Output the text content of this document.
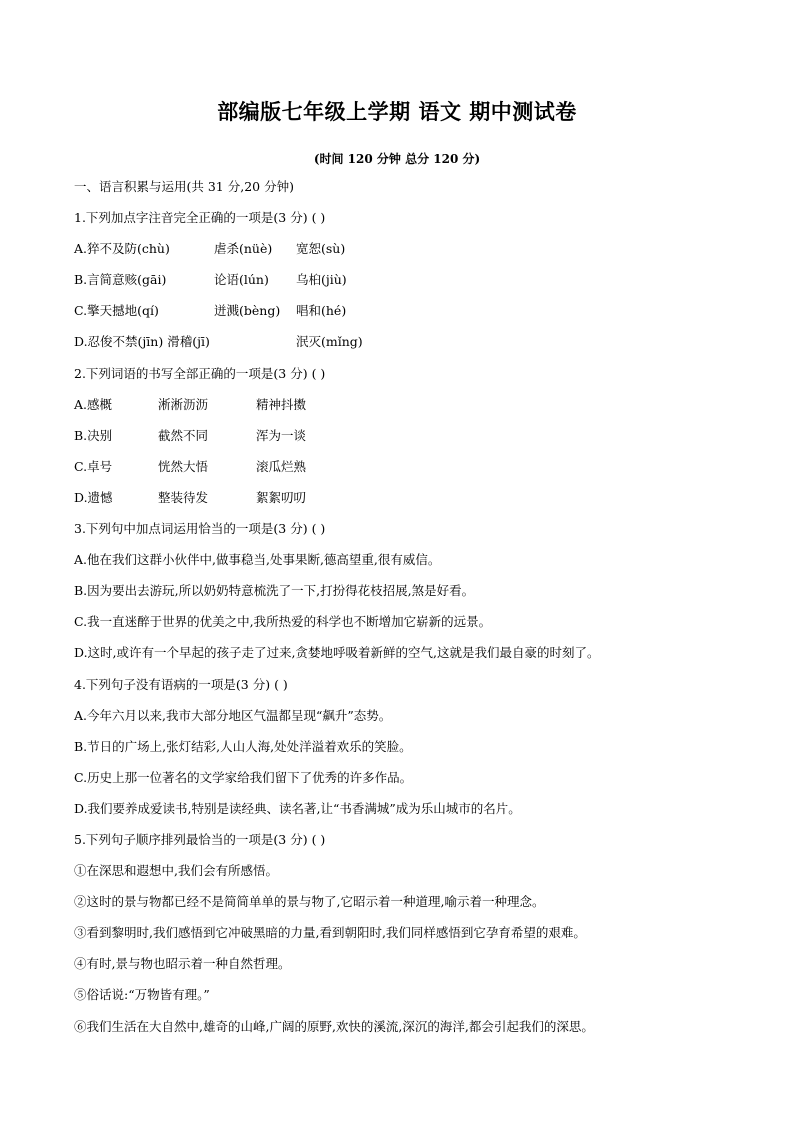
部编版七年级上学期 语文 期中测试卷
(时间 120 分钟 总分 120 分)
一、语言积累与运用(共 31 分,20 分钟)
1.下列加点字注音完全正确的一项是(3 分) ( )
A.猝不及防(chù)	虐杀(nüè)	宽恕(sù)
B.言简意赅(gāi)	论语(lún)	乌桕(jiù)
C.擎天撼地(qí)	迸溅(bèng)	唱和(hé)
D.忍俊不禁(jīn) 滑稽(jī)	泯灭(mǐng)
2.下列词语的书写全部正确的一项是(3 分) ( )
A.感概	淅淅沥沥	精神抖擞
B.决别	截然不同	浑为一谈
C.卓号	恍然大悟	滚瓜烂熟
D.遗憾	整装待发	絮絮叨叨
3.下列句中加点词运用恰当的一项是(3 分) ( )
A.他在我们这群小伙伴中,做事稳当,处事果断,德高望重,很有威信。
B.因为要出去游玩,所以奶奶特意梳洗了一下,打扮得花枝招展,煞是好看。
C.我一直迷醉于世界的优美之中,我所热爱的科学也不断增加它崭新的远景。
D.这时,或许有一个早起的孩子走了过来,贪婪地呼吸着新鲜的空气,这就是我们最自豪的时刻了。
4.下列句子没有语病的一项是(3 分) ( )
A.今年六月以来,我市大部分地区气温都呈现“飙升”态势。
B.节日的广场上,张灯结彩,人山人海,处处洋溢着欢乐的笑脸。
C.历史上那一位著名的文学家给我们留下了优秀的许多作品。
D.我们要养成爱读书,特别是读经典、读名著,让“书香满城”成为乐山城市的名片。
5.下列句子顺序排列最恰当的一项是(3 分) ( )
①在深思和遐想中,我们会有所感悟。
②这时的景与物都已经不是简简单单的景与物了,它昭示着一种道理,喻示着一种理念。
③看到黎明时,我们感悟到它冲破黑暗的力量,看到朝阳时,我们同样感悟到它孕育希望的艰难。
④有时,景与物也昭示着一种自然哲理。
⑤俗话说:“万物皆有理。”
⑥我们生活在大自然中,雄奇的山峰,广阔的原野,欢快的溪流,深沉的海洋,都会引起我们的深思。
